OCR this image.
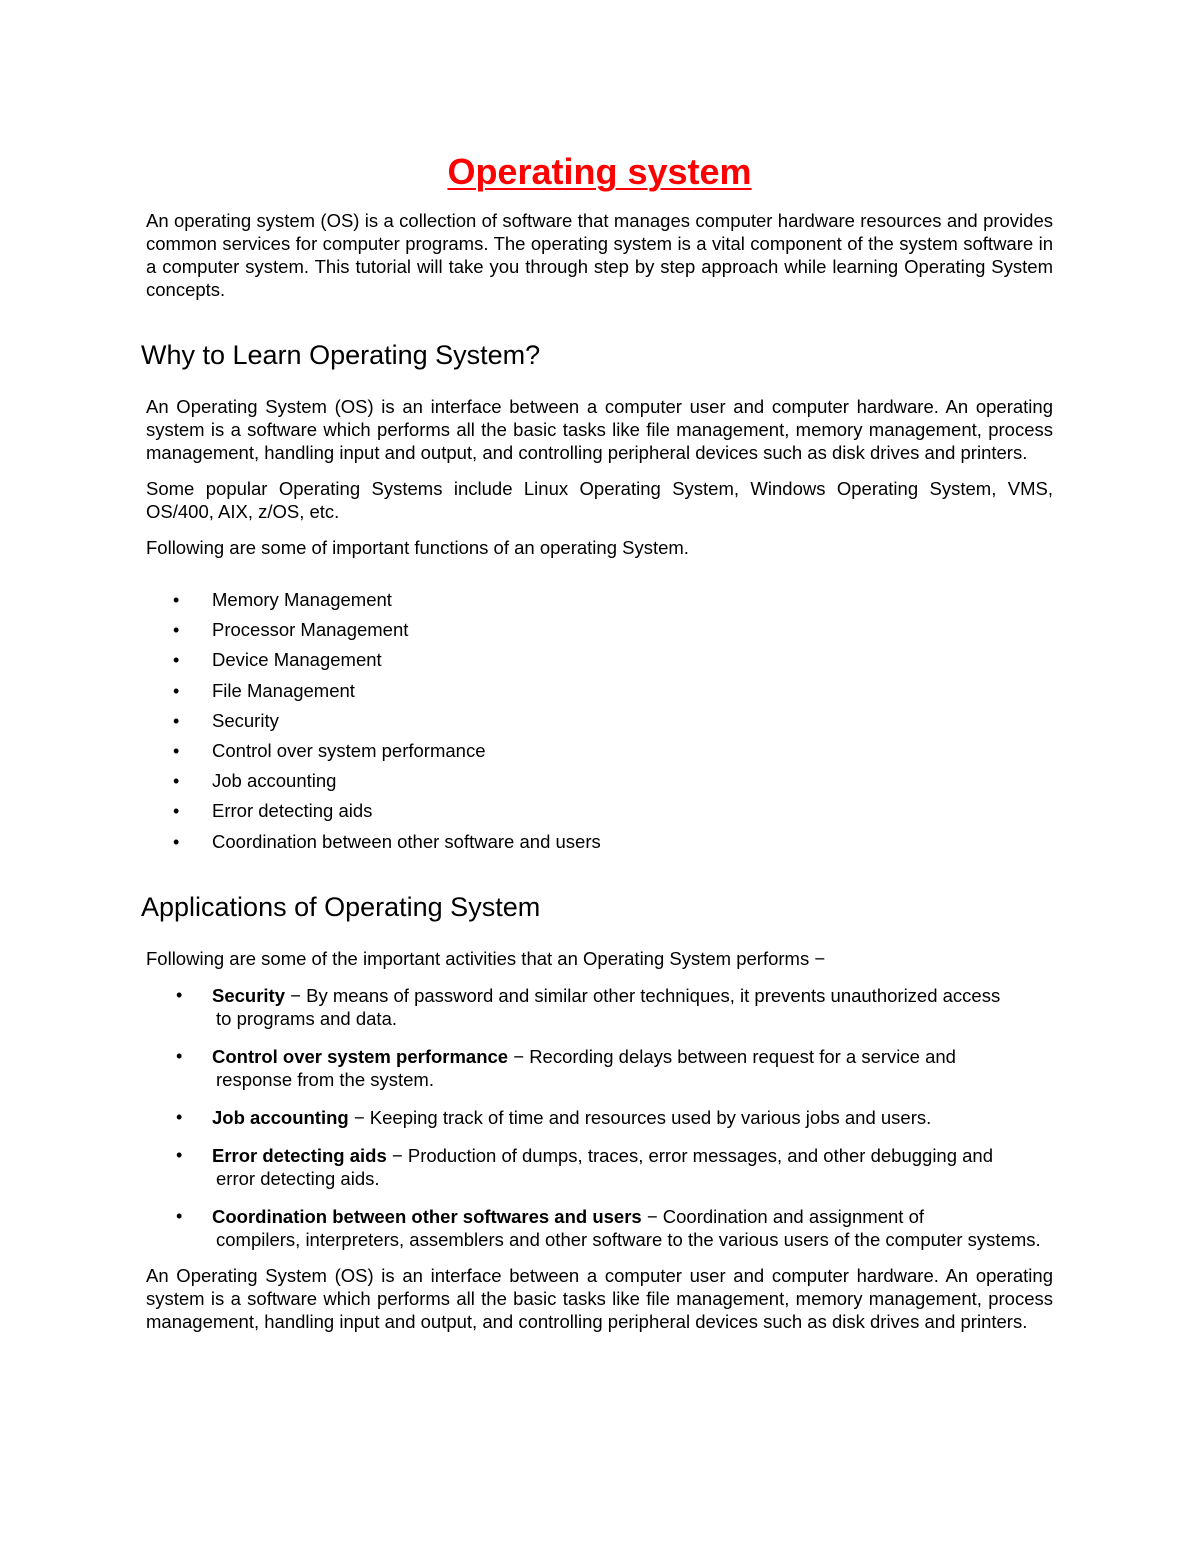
Operating system

An operating system (OS) is a collection of software that manages computer hardware resources and provides common services for computer programs. The operating system is a vital component of the system software in a computer system. This tutorial will take you through step by step approach while learning Operating System concepts.

Why to Learn Operating System?

An Operating System (OS) is an interface between a computer user and computer hardware. An operating system is a software which performs all the basic tasks like file management, memory management, process management, handling input and output, and controlling peripheral devices such as disk drives and printers.

Some popular Operating Systems include Linux Operating System, Windows Operating System, VMS, OS/400, AIX, z/OS, etc.

Following are some of important functions of an operating System.

• Memory Management
• Processor Management
• Device Management
• File Management
• Security
• Control over system performance
• Job accounting
• Error detecting aids
• Coordination between other software and users
Applications of Operating System

Following are some of the important activities that an Operating System performs −

• Security − By means of password and similar other techniques, it prevents unauthorized access
to programs and data.
• Control over system performance − Recording delays between request for a service and
response from the system.
• Job accounting − Keeping track of time and resources used by various jobs and users.
• Error detecting aids − Production of dumps, traces, error messages, and other debugging and
error detecting aids.
• Coordination between other softwares and users − Coordination and assignment of
compilers, interpreters, assemblers and other software to the various users of the computer systems.

An Operating System (OS) is an interface between a computer user and computer hardware. An operating system is a software which performs all the basic tasks like file management, memory management, process management, handling input and output, and controlling peripheral devices such as disk drives and printers.
